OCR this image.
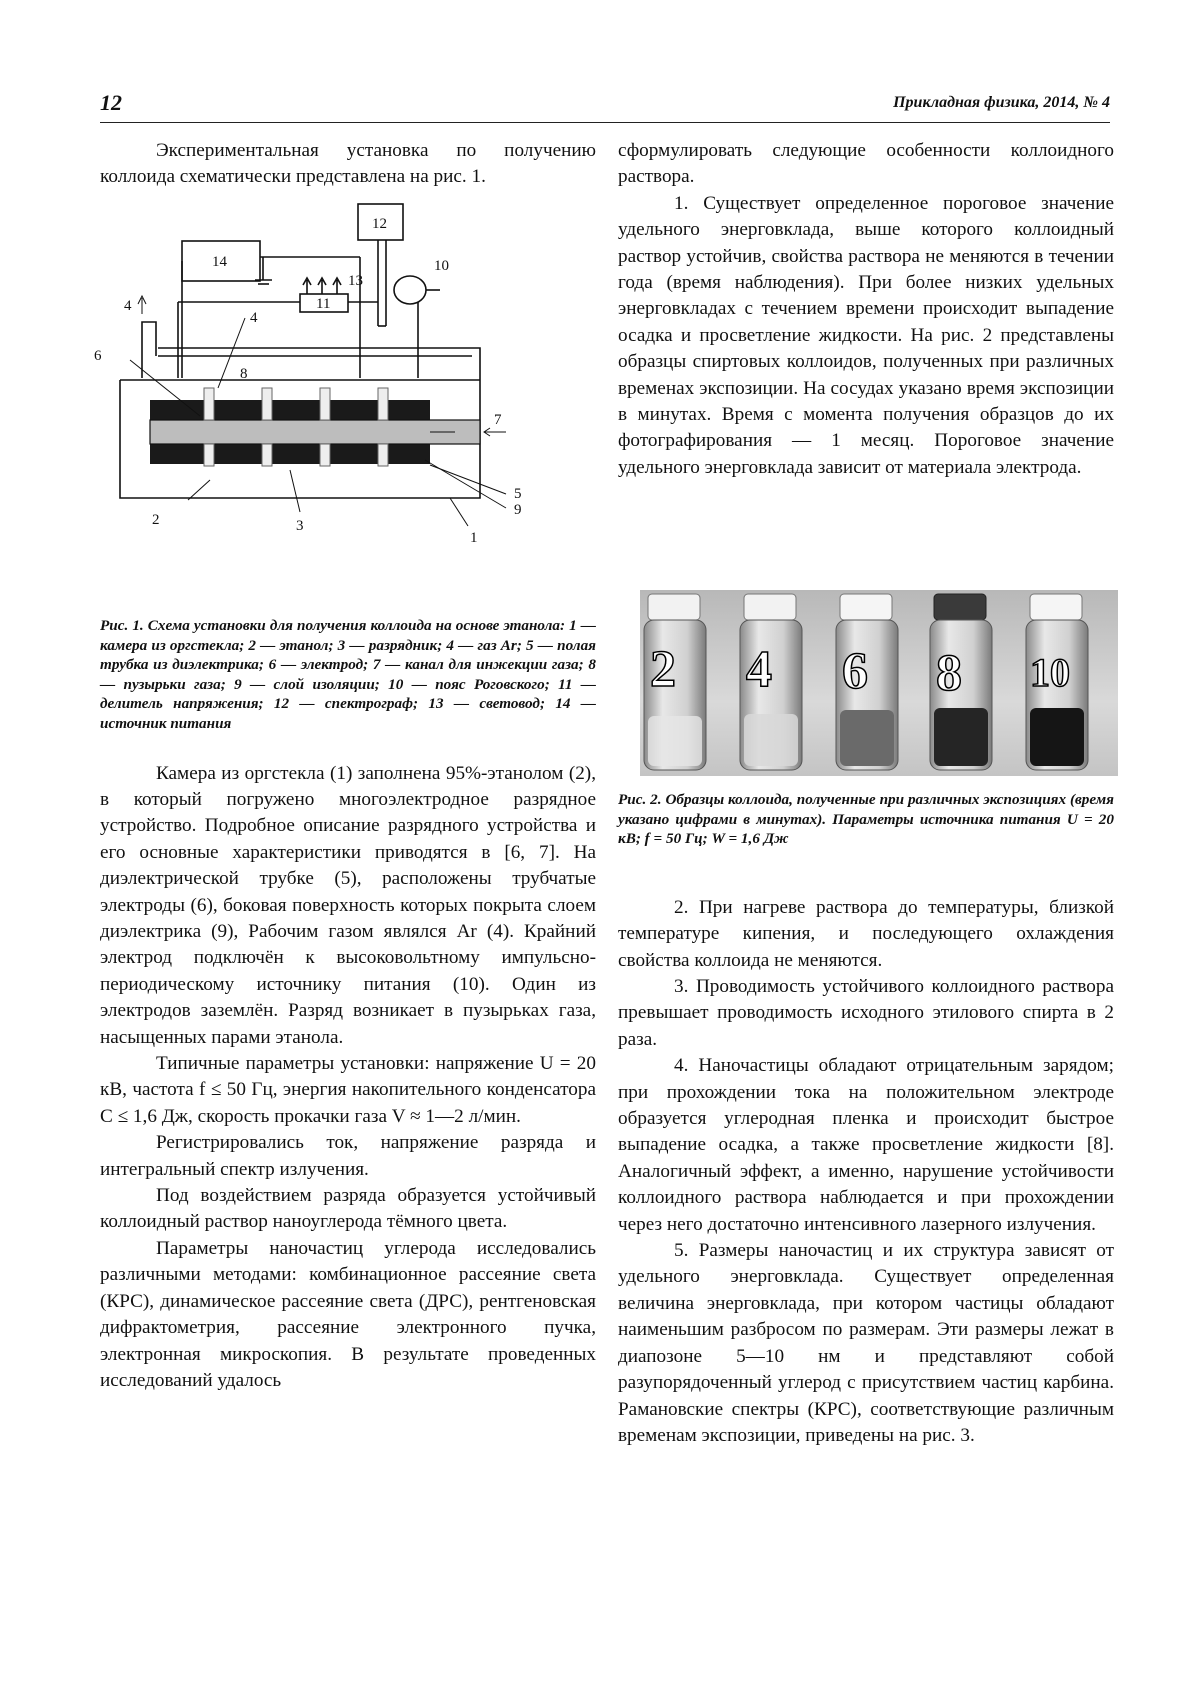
12	Прикладная физика, 2014, № 4

Экспериментальная установка по получению коллоида схематически представлена на рис. 1.

1
2	3
4
4
5
6
7
8
9
10
11
12
13
14

Рис. 1. Схема установки для получения коллоида на основе этанола: 1 — камера из оргстекла; 2 — этанол; 3 — разрядник; 4 — газ Ar; 5 — полая трубка из диэлектрика; 6 — электрод; 7 — канал для инжекции газа; 8 — пузырьки газа; 9 — слой изоляции; 10 — пояс Роговского; 11 — делитель напряжения; 12 — спектрограф; 13 — световод; 14 — источник питания

Камера из оргстекла (1) заполнена 95%-этанолом (2), в который погружено многоэлектродное разрядное устройство. Подробное описание разрядного устройства и его основные характеристики приводятся в [6, 7]. На диэлектрической трубке (5), расположены трубчатые электроды (6), боковая поверхность которых покрыта слоем диэлектрика (9), Рабочим газом являлся Ar (4). Крайний электрод подключён к высоковольтному импульсно-периодическому источнику питания (10). Один из электродов заземлён. Разряд возникает в пузырьках газа, насыщенных парами этанола.

Типичные параметры установки: напряжение U = 20 кВ, частота f ≤ 50 Гц, энергия накопительного конденсатора C ≤ 1,6 Дж, скорость прокачки газа V ≈ 1—2 л/мин.

Регистрировались ток, напряжение разряда и интегральный спектр излучения.

Под воздействием разряда образуется устойчивый коллоидный раствор наноуглерода тёмного цвета.

Параметры наночастиц углерода исследовались различными методами: комбинационное рассеяние света (КРС), динамическое рассеяние света (ДРС), рентгеновская дифрактометрия, рассеяние электронного пучка, электронная микроскопия. В результате проведенных исследований удалось

сформулировать следующие особенности коллоидного раствора.

1. Существует определенное пороговое значение удельного энерговклада, выше которого коллоидный раствор устойчив, свойства раствора не меняются в течении года (время наблюдения). При более низких удельных энерговкладах с течением времени происходит выпадение осадка и просветление жидкости. На рис. 2 представлены образцы спиртовых коллоидов, полученных при различных временах экспозиции. На сосудах указано время экспозиции в минутах. Время с момента получения образцов до их фотографирования — 1 месяц. Пороговое значение удельного энерговклада зависит от материала электрода.

2 4 6 8 10

Рис. 2. Образцы коллоида, полученные при различных экспозициях (время указано цифрами в минутах). Параметры источника питания U = 20 кВ; f = 50 Гц; W = 1,6 Дж

2. При нагреве раствора до температуры, близкой температуре кипения, и последующего охлаждения свойства коллоида не меняются.

3. Проводимость устойчивого коллоидного раствора превышает проводимость исходного этилового спирта в 2 раза.

4. Наночастицы обладают отрицательным зарядом; при прохождении тока на положительном электроде образуется углеродная пленка и происходит быстрое выпадение осадка, а также просветление жидкости [8]. Аналогичный эффект, а именно, нарушение устойчивости коллоидного раствора наблюдается и при прохождении через него достаточно интенсивного лазерного излучения.

5. Размеры наночастиц и их структура зависят от удельного энерговклада. Существует определенная величина энерговклада, при котором частицы обладают наименьшим разбросом по размерам. Эти размеры лежат в диапозоне 5—10 нм и представляют собой разупорядоченный углерод с присутствием частиц карбина. Рамановские спектры (КРС), соответствующие различным временам экспозиции, приведены на рис. 3.
